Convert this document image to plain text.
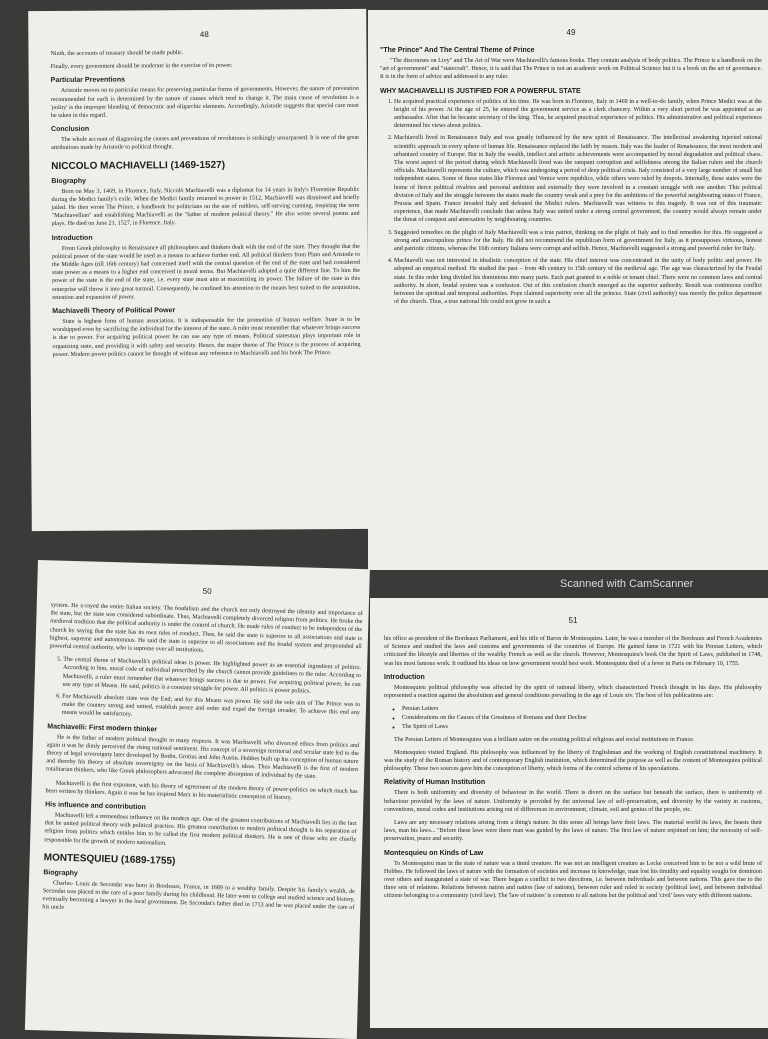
48

Ninth, the accounts of treasury should be made public.

Finally, every government should be moderate in the exercise of its power.

Particular Preventions

Aristotle moves on to particular means for preserving particular forms of governments. However, the nature of prevention recommended for each is determined by the nature of causes which tend to change it. The main cause of revolution is a 'polity' is the improper blending of democratic and oligarchic elements. Accordingly, Aristotle suggests that special care must be taken in this regard.

Conclusion

The whole account of diagnosing the causes and preventions of revolutions is strikingly unsurpassed. It is one of the great attributions made by Aristotle to political thought.

NICCOLO MACHIAVELLI (1469-1527)
Biography

Born on May 3, 1469, in Florence, Italy, Niccolò Machiavelli was a diplomat for 14 years in Italy's Florentine Republic during the Medici family's exile. When the Medici family returned to power in 1512, Machiavelli was dismissed and briefly jailed. He then wrote The Prince, a handbook for politicians on the use of ruthless, self-serving cunning, inspiring the term "Machiavellian" and establishing Machiavelli as the "father of modern political theory." He also wrote several poems and plays. He died on June 21, 1527, in Florence, Italy.

Introduction

From Greek philosophy to Renaissance all philosophers and thinkers dealt with the end of the state. They thought that the political power of the state would be used as a means to achieve further end. All political thinkers from Plato and Aristotle to the Middle Ages (till 16th century) had concerned itself with the central question of the end of the state and had considered state power as a means to a higher end conceived in moral terms. But Machiavelli adopted a quite different line. To him the power of the state is the end of the state, i.e. every state must aim at maximizing its power. The failure of the state in this enterprise will throw it into great turmoil. Consequently, he confined his attention to the means best suited to the acquisition, retention and expansion of power.

Machiavelli Theory of Political Power

State is highest form of human association. It is indispensable for the promotion of human welfare. State is to be worshipped even by sacrificing the individual for the interest of the state. A ruler must remember that whatever brings success is due to power. For acquiring political power he can use any type of means. Political statesman plays important role in organizing state, and providing it with safety and security. Hence, the major theme of The Prince is the process of acquiring power. Modern power politics cannot be thought of without any reference to Machiavelli and his book The Prince.

49
"The Prince" And The Central Theme of Prince

"The discourses on Livy" and The Art of War were Machiavelli's famous books. They contain analysis of body politics. The Prince is a handbook on the "art of government" and "statecraft". Hence, it is said that The Prince is not an academic work on Political Science but it is a book on the art of governance. It is in the form of advice and addressed to any ruler.

WHY MACHIAVELLI IS JUSTIFIED FOR A POWERFUL STATE
1. He acquired practical experience of politics of his time. He was born in Florence, Italy in 1469 in a well-to-do family, when Prince Medici was at the height of his power. At the age of 25, he entered the government service as a clerk chancery. Within a very short period he was appointed as an ambassador. After that he became secretary of the king. Thus, he acquired practical experience of politics. His administrative and political experience determined his views about politics.
2. Machiavelli lived in Renaissance Italy and was greatly influenced by the new spirit of Renaissance. The intellectual awakening injected rational scientific approach in every sphere of human life. Renaissance replaced the faith by reason. Italy was the leader of Renaissance, the most modern and urbanized country of Europe. But in Italy the wealth, intellect and artistic achievements were accompanied by moral degradation and political chaos. The worst aspect of the period during which Machiavelli lived was the rampant corruption and selfishness among the Italian rulers and the church officials. Machiavelli represents the culture, which was undergoing a period of deep political crisis. Italy consisted of a very large number of small but independent states. Some of these states like Florence and Venice were republics, while others were ruled by despots. Internally, these states were the home of fierce political rivalries and personal ambition and externally they were involved in a constant struggle with one another. This political division of Italy and the struggle between the states made the country weak and a prey for the ambitions of the powerful neighbouring states of France, Prussia and Spain. France invaded Italy and defeated the Medici rulers. Machiavelli was witness to this tragedy. It was out of this traumatic experience, that made Machiavelli conclude that unless Italy was united under a strong central government, the country would always remain under the threat of conquest and annexation by neighbouring countries.
3. Suggested remedies on the plight of Italy Machiavelli was a true patriot, thinking on the plight of Italy and to find remedies for this. He suggested a strong and unscrupulous prince for the Italy. He did not recommend the republican form of government for Italy, as it presupposes virtuous, honest and patriotic citizens, whereas the 16th century Italians were corrupt and selfish. Hence, Machiavelli suggested a strong and powerful ruler for Italy.
4. Machiavelli was not interested in idealistic conception of the state. His chief interest was concentrated in the unity of body politic and power. He adopted an empirical method. He studied the past – from 4th century to 15th century of the medieval age. The age was characterized by the Feudal state. In this order king divided his dominions into many parts. Each part granted to a noble or tenant chief. There were no common laws and central authority. In short, feudal system was a confusion. Out of this confusion church emerged as the superior authority. Result was continuous conflict between the spiritual and temporal authorities. Pope claimed superiority over all the princes. State (civil authority) was merely the police department of the church. Thus, a true national life could not grow in such a
Scanned with CamScanner
50

system. He x-rayed the entire Italian society. The feudalism and the church not only destroyed the identity and importance of the state, but the state was considered subordinate. Thus, Machiavelli completely divorced religion from politics. He broke the medieval tradition that the political authority is under the control of church. He made rules of conduct to be independent of the church by saying that the state has its own rules of conduct. Thus, he said the state is superior to all associations and state is highest, supreme and autonomous. He said the state is superior to all associations and the feudal system and propounded all powerful central authority, who is supreme over all institutions.

5. The central theme of Machiavelli's political ideas is power. He highlighted power as an essential ingredient of politics. According to him, moral code of individual prescribed by the church cannot provide guidelines to the ruler. According to Machiavelli, a ruler must remember that whatever brings success is due to power. For acquiring political power, he can use any type of Means. He said, politics is a constant struggle for power. All politics is power politics.
6. For Machiavelli absolute state was the End; and for this Means was power. He said the sole aim of The Prince was to make the country strong and united, establish peace and order and expel the foreign invader. To achieve this end any means would be satisfactory.
Machiavelli: First modern thinker

He is the father of modern political thought in many respects. It was Machiavelli who divorced ethics from politics and again it was he dimly perceived the rising national sentiment. His concept of a sovereign territorial and secular state led to the theory of legal sovereignty later developed by Bodin, Grotius and John Austin. Hobbes built up his conception of human nature and thereby his theory of absolute sovereignty on the basis of Machiavelli's ideas. Thus Machiavelli is the first of modern totalitarian thinkers, who like Greek philosophers advocated the complete absorption of individual by the state.

Machiavelli is the first exponent, with his theory of agreement of the modern theory of power-politics on which much has been written by thinkers. Again it was he has inspired Marx in his materialistic conception of history.

His influence and contribution

Machiavelli left a tremendous influence on the modern age. One of the greatest contributions of Machiavelli lies in the fact that he united political theory with political practice. His greatest contribution to modern political thought is his separation of religion from politics which entitles him to be called the first modern political thinkers. He is one of those who are chiefly responsible for the growth of modern nationalism.

MONTESQUIEU (1689-1755)
Biography

Charles- Louis de Secondat was born in Bordeaux, France, in 1689 to a wealthy family. Despite his family's wealth, de Secondat was placed in the care of a poor family during his childhood. He later went to college and studied science and history, eventually becoming a lawyer in the local government. De Secondat's father died in 1713 and he was placed under the care of his uncle

51

his office as president of the Bordeaux Parliament, and his title of Baron de Montesquieu. Later, he was a member of the Bordeaux and French Academies of Science and studied the laws and customs and governments of the countries of Europe. He gained fame in 1721 with his Persian Letters, which criticized the lifestyle and liberties of the wealthy French as well as the church. However, Montesquieu's book On the Spirit of Laws, published in 1748, was his most famous work. It outlined his ideas on how government would best work. Montesquieu died of a fever in Paris on February 10, 1755.

Introduction

Montesquieu political philosophy was affected by the spirit of rational liberty, which characterized French thought in his days. His philosophy represented a reaction against the absolutism and general conditions prevailing in the age of Louis xiv. The best of his publications are:

◦ Persian Letters
◦ Considerations on the Causes of the Greatness of Romans and their Decline
◦ The Spirit of Laws

The Persian Letters of Montesquieu was a brilliant satire on the existing political religious and social institutions in France.

Montesquieu visited England. His philosophy was influenced by the liberty of Englishman and the working of English constitutional machinery. It was the study of the Roman history and of contemporary English institution, which determined the purpose as well as the content of Montesquieu political philosophy. These two sources gave him the conception of liberty, which forms of the control scheme of his speculations.

Relativity of Human Institution

There is both uniformity and diversity of behaviour in the world. There is divert on the surface but beneath the surface, there is uniformity of behaviour provided by the laws of nature. Uniformity is provided by the universal law of self-preservation, and diversity by the variety in customs, conventions, moral codes and institutions arising out of differences in environment, climate, soil and genius of the people, etc.

Laws are any necessary relations arising from a thing's nature. In this sense all beings have their laws. The material world its laws, the beasts their laws, man his laws... "Before these laws were there man was guided by the laws of nature. The first law of nature enjoined on him; the necessity of self-preservation, peace and security.

Montesquieu on Kinds of Law

To Montesquieu man in the state of nature was a timid creature. He was not an intelligent creature as Locke conceived him to be nor a wild brute of Hobbes. He followed the laws of nature with the formation of societies and increase in knowledge, man lost his timidity and equality sought for dominion over others and inaugurated a state of war. There began a conflict in two directions, i.e. between individuals and between nations. This gave rise to the three sets of relations. Relations between nation and nation (law of nations), between ruler and ruled in society (political law), and between individual citizens belonging to a community (civil law). The 'law of nations' is common to all nations but the political and 'civil' laws vary with different nations.
